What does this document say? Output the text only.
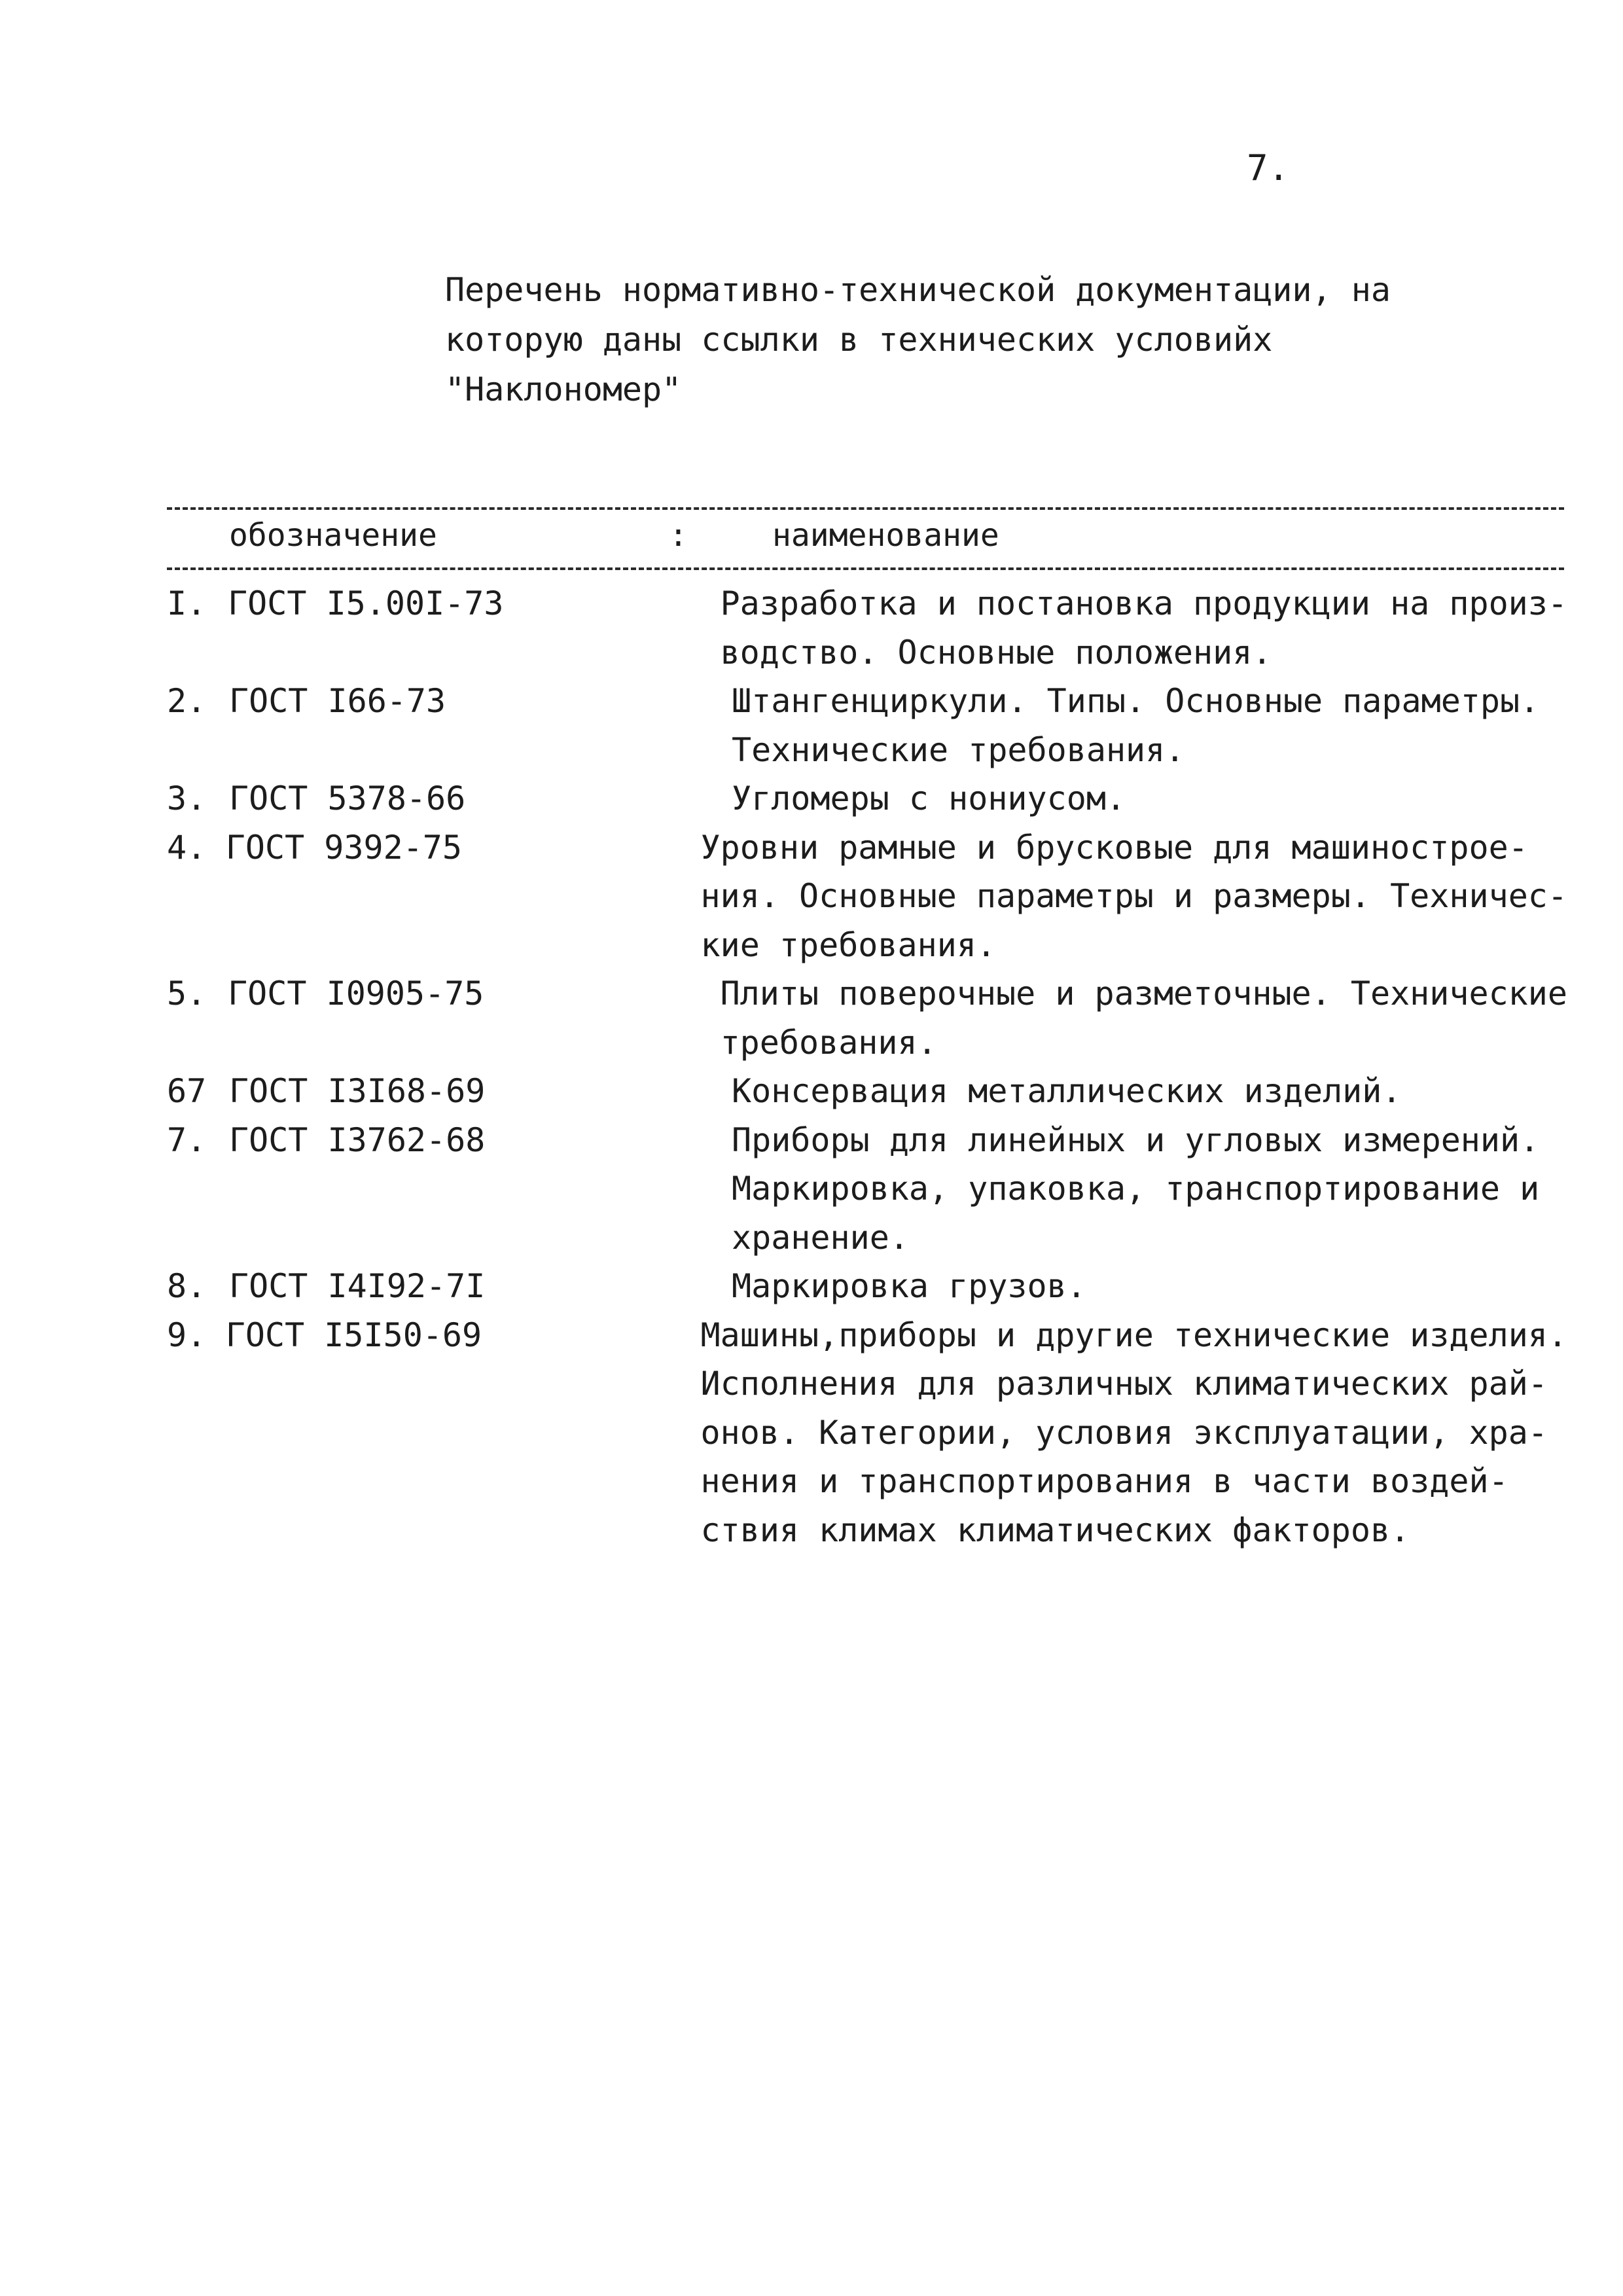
7.
Перечень нормативно-технической документации, на
которую даны ссылки в технических условийх
"Наклономер"
обозначение	:	наименование
I. ГОСТ I5.00I-73	Разработка и постановка продукции на произ-
водство. Основные положения.
2. ГОСТ I66-73	Штангенциркули. Типы. Основные параметры.
Технические требования.
3. ГОСТ 5378-66	Угломеры с нониусом.
4. ГОСТ 9392-75	Уровни рамные и брусковые для машинострое-
ния. Основные параметры и размеры. Техничес-
кие требования.
5. ГОСТ I0905-75	Плиты поверочные и разметочные. Технические
требования.
67 ГОСТ I3I68-69	Консервация металлических изделий.
7. ГОСТ I3762-68	Приборы для линейных и угловых измерений.
Маркировка, упаковка, транспортирование и
хранение.
8. ГОСТ I4I92-7I	Маркировка грузов.
9. ГОСТ I5I50-69	Машины,приборы и другие технические изделия.
Исполнения для различных климатических рай-
онов. Категории, условия эксплуатации, хра-
нения и транспортирования в части воздей-
ствия климах климатических факторов.
